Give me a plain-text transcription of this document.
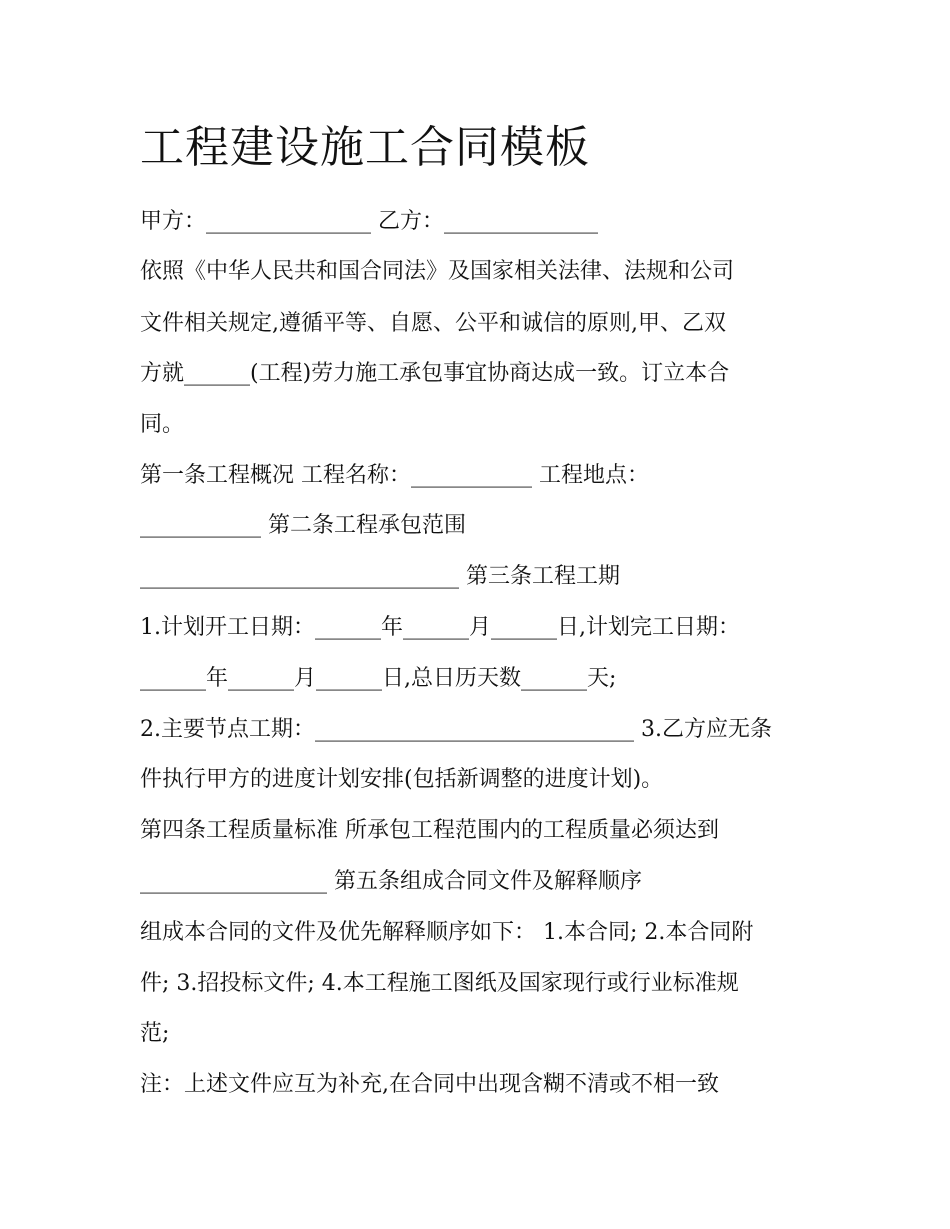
工程建设施工合同模板

甲方：_______________ 乙方：______________

依照《中华人民共和国合同法》及国家相关法律、法规和公司

文件相关规定,遵循平等、自愿、公平和诚信的原则,甲、乙双

方就______(工程)劳力施工承包事宜协商达成一致。订立本合

同。

第一条工程概况 工程名称：___________ 工程地点：

___________ 第二条工程承包范围

_____________________________ 第三条工程工期

1.计划开工日期：______年______月______日,计划完工日期：

______年______月______日,总日历天数______天;

2.主要节点工期：_____________________________ 3.乙方应无条

件执行甲方的进度计划安排(包括新调整的进度计划)。

第四条工程质量标准 所承包工程范围内的工程质量必须达到

_________________ 第五条组成合同文件及解释顺序

组成本合同的文件及优先解释顺序如下： 1.本合同; 2.本合同附

件; 3.招投标文件; 4.本工程施工图纸及国家现行或行业标准规

范;

注：上述文件应互为补充,在合同中出现含糊不清或不相一致
